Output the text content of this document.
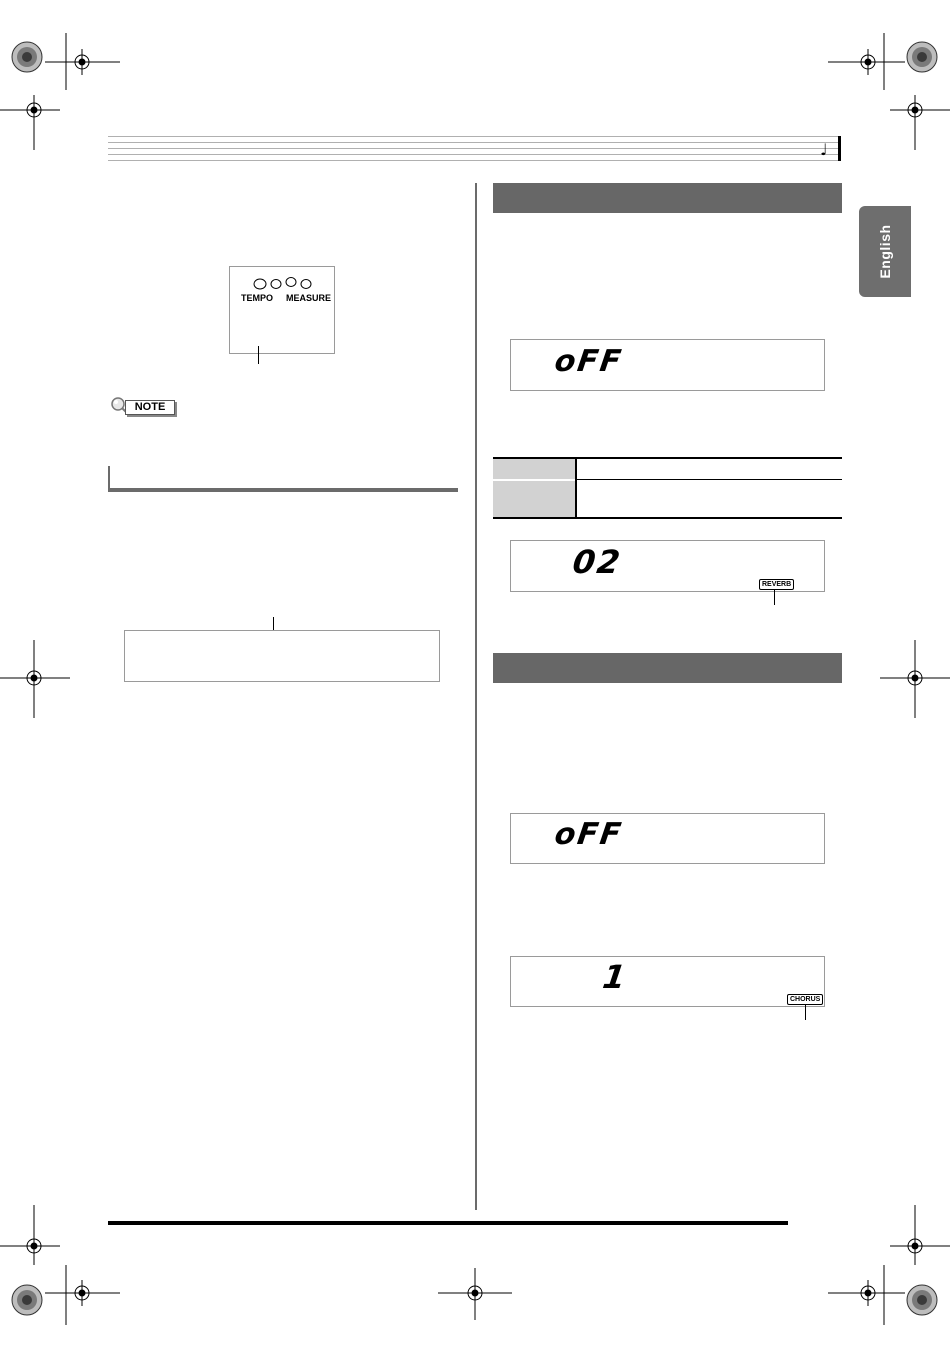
♩
English
TEMPO MEASURE
NOTE
oFF
02
REVERB
oFF
1
CHORUS
